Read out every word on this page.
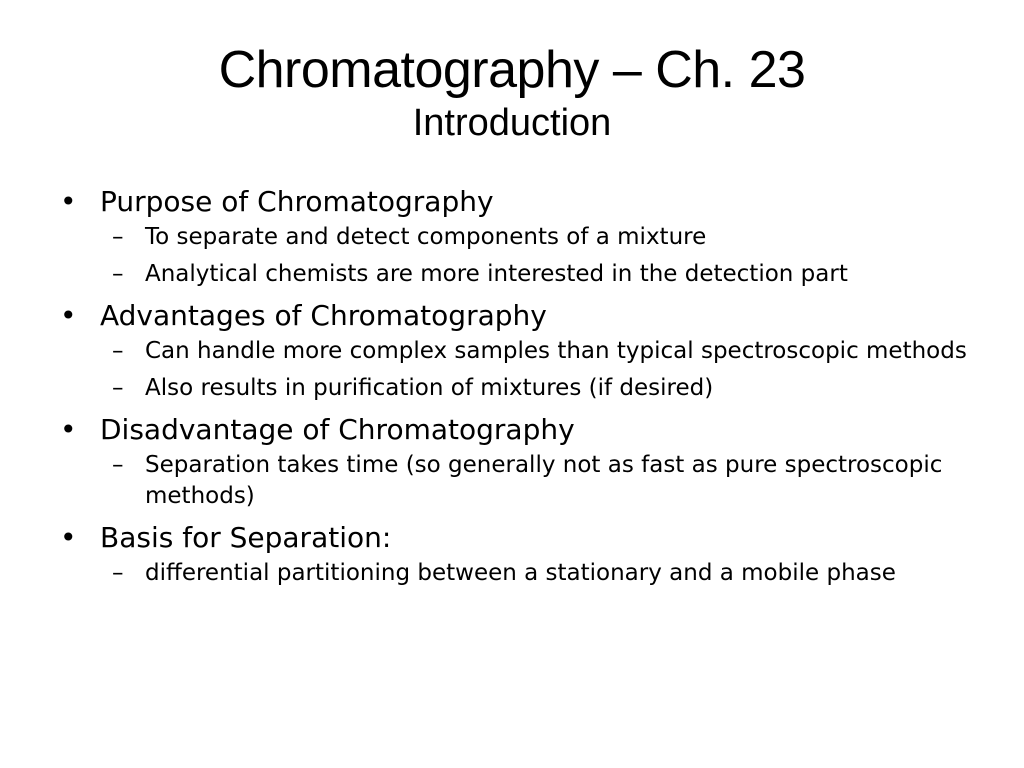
Chromatography – Ch. 23
Introduction
• Purpose of Chromatography
– To separate and detect components of a mixture
– Analytical chemists are more interested in the detection part
• Advantages of Chromatography
– Can handle more complex samples than typical spectroscopic methods
– Also results in purification of mixtures (if desired)
• Disadvantage of Chromatography
– Separation takes time (so generally not as fast as pure spectroscopic methods)
• Basis for Separation:
– differential partitioning between a stationary and a mobile phase
